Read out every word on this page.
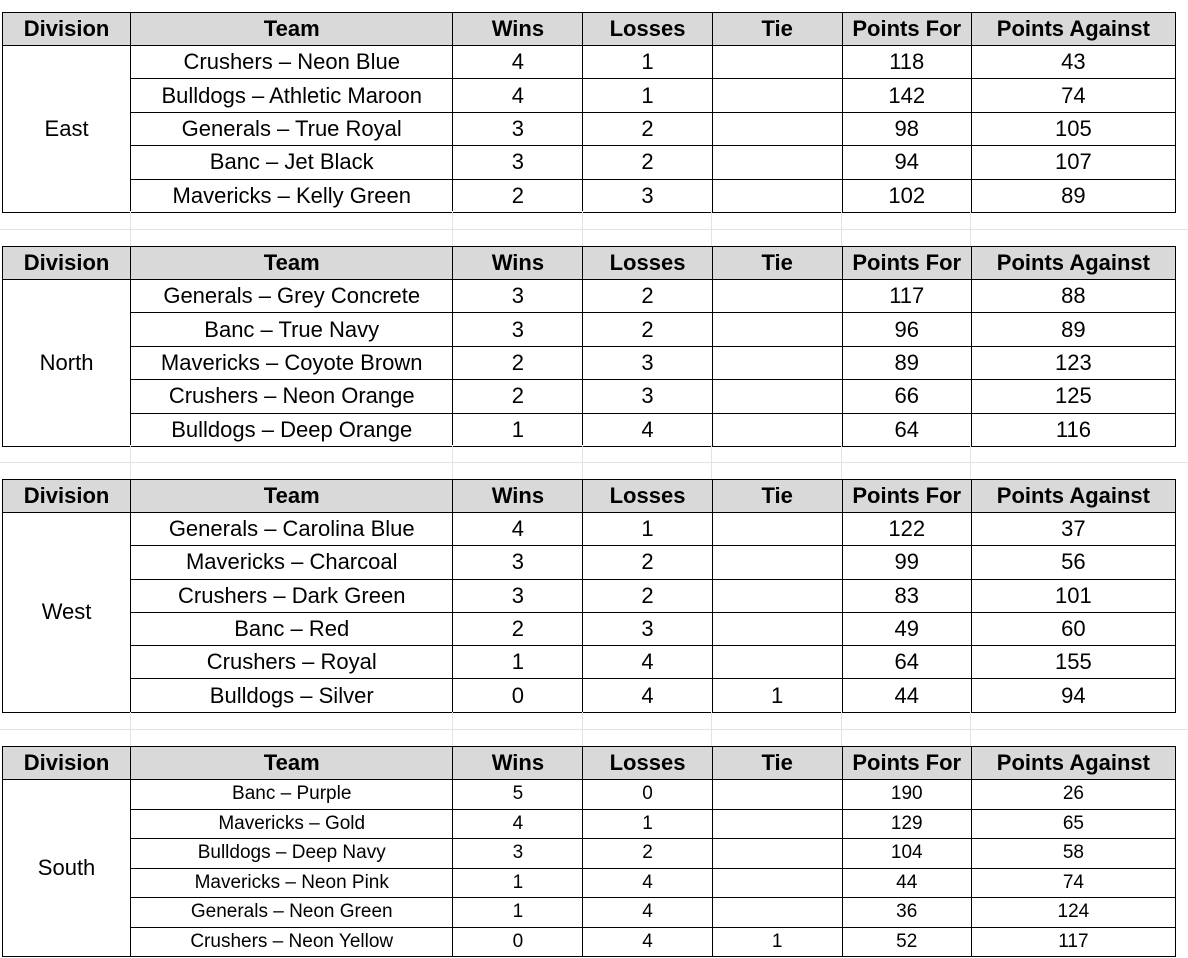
Division	Team	Wins	Losses	Tie	Points For	Points Against
East	Crushers – Neon Blue	4	1		118	43
	Bulldogs – Athletic Maroon	4	1		142	74
	Generals – True Royal	3	2		98	105
	Banc – Jet Black	3	2		94	107
	Mavericks – Kelly Green	2	3		102	89
Division	Team	Wins	Losses	Tie	Points For	Points Against
North	Generals – Grey Concrete	3	2		117	88
	Banc – True Navy	3	2		96	89
	Mavericks – Coyote Brown	2	3		89	123
	Crushers – Neon Orange	2	3		66	125
	Bulldogs – Deep Orange	1	4		64	116
Division	Team	Wins	Losses	Tie	Points For	Points Against
West	Generals – Carolina Blue	4	1		122	37
	Mavericks – Charcoal	3	2		99	56
	Crushers – Dark Green	3	2		83	101
	Banc – Red	2	3		49	60
	Crushers – Royal	1	4		64	155
	Bulldogs – Silver	0	4	1	44	94
Division	Team	Wins	Losses	Tie	Points For	Points Against
South	Banc – Purple	5	0		190	26
	Mavericks – Gold	4	1		129	65
	Bulldogs – Deep Navy	3	2		104	58
	Mavericks – Neon Pink	1	4		44	74
	Generals – Neon Green	1	4		36	124
	Crushers – Neon Yellow	0	4	1	52	117
